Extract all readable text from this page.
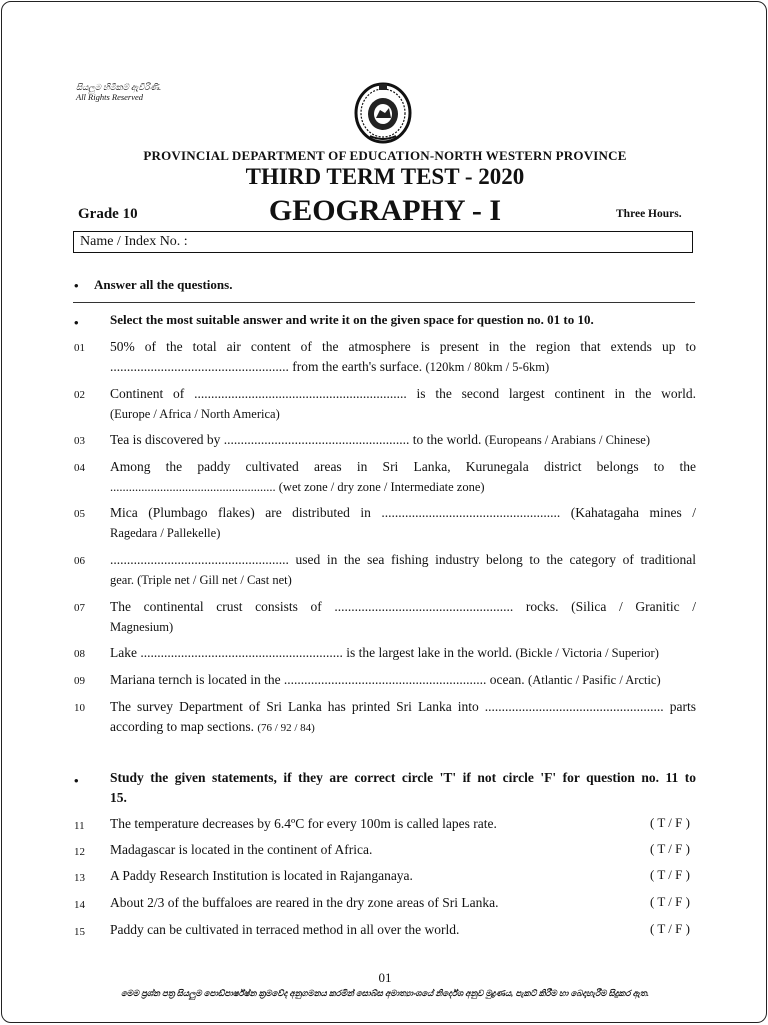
සියලුම හිමිකම් ඇවිරිණි.
All Rights Reserved
PROVINCIAL DEPARTMENT OF EDUCATION-NORTH WESTERN PROVINCE
THIRD TERM TEST - 2020
Grade 10	GEOGRAPHY - I	Three Hours.
Name / Index No. :
• Answer all the questions.
• Select the most suitable answer and write it on the given space for question no. 01 to 10.
01 50% of the total air content of the atmosphere is present in the region that extends up to
..................................................... from the earth's surface. (120km / 80km / 5-6km)
02 Continent of ............................................................... is the second largest continent in the world.
(Europe / Africa / North America)
03 Tea is discovered by ....................................................... to the world. (Europeans / Arabians / Chinese)
04 Among the paddy cultivated areas in Sri Lanka, Kurunegala district belongs to the
..................................................... (wet zone / dry zone / Intermediate zone)
05 Mica (Plumbago flakes) are distributed in ..................................................... (Kahatagaha mines /
Ragedara / Pallekelle)
06 ..................................................... used in the sea fishing industry belong to the category of traditional
gear. (Triple net / Gill net / Cast net)
07 The continental crust consists of ..................................................... rocks. (Silica / Granitic /
Magnesium)
08 Lake ............................................................ is the largest lake in the world. (Bickle / Victoria / Superior)
09 Mariana ternch is located in the ............................................................ ocean. (Atlantic / Pasific / Arctic)
10 The survey Department of Sri Lanka has printed Sri Lanka into ..................................................... parts
according to map sections. (76 / 92 / 84)
• Study the given statements, if they are correct circle 'T' if not circle 'F' for question no. 11 to
15.
11 The temperature decreases by 6.4ºC for every 100m is called lapes rate.	( T / F )
12 Madagascar is located in the continent of Africa.	( T / F )
13 A Paddy Research Institution is located in Rajanganaya.	( T / F )
14 About 2/3 of the buffaloes are reared in the dry zone areas of Sri Lanka.	( T / F )
15 Paddy can be cultivated in terraced method in all over the world.	( T / F )
01
මෙම ප්‍රශ්න පත්‍ර සියලුම පොඩ්පාර්ෂ්ෂ්න ක්‍රමවේද අනුගමනය කරමින් සොබ්ස අමාත්‍යාංශයේ නිර්දේශ අනුව මුද්‍රණය, පැකට් කිරීම හා බෙදාහැරීම සිදුකර ඇත.
